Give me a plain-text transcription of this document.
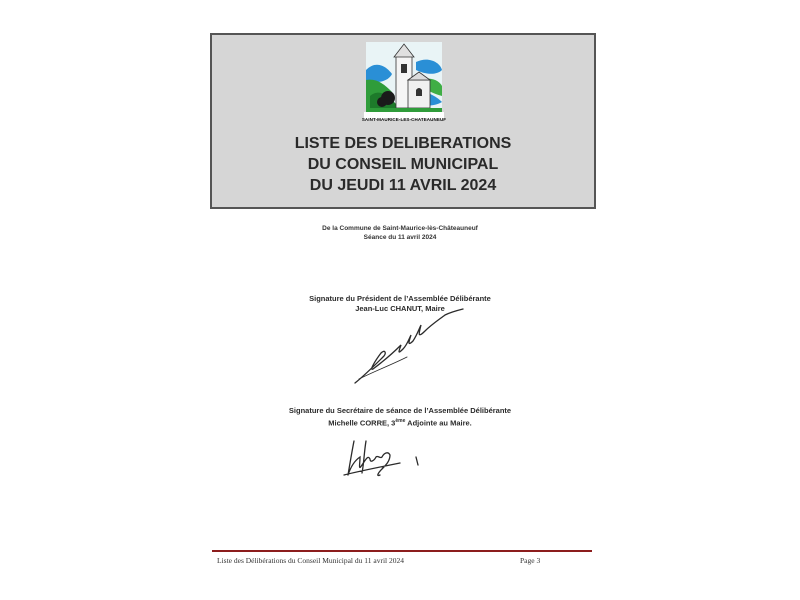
SAINT-MAURICE-LES-CHATEAUNEUF
LISTE DES DELIBERATIONS
DU CONSEIL MUNICIPAL
DU JEUDI 11 AVRIL 2024
De la Commune de Saint-Maurice-lès-Châteauneuf
Séance du 11 avril 2024
Signature du Président de l’Assemblée Délibérante
Jean-Luc CHANUT, Maire
Signature du Secrétaire de séance de l’Assemblée Délibérante
Michelle CORRE, 3ème Adjointe au Maire.
Liste des Délibérations du Conseil Municipal du 11 avril 2024	Page 3
